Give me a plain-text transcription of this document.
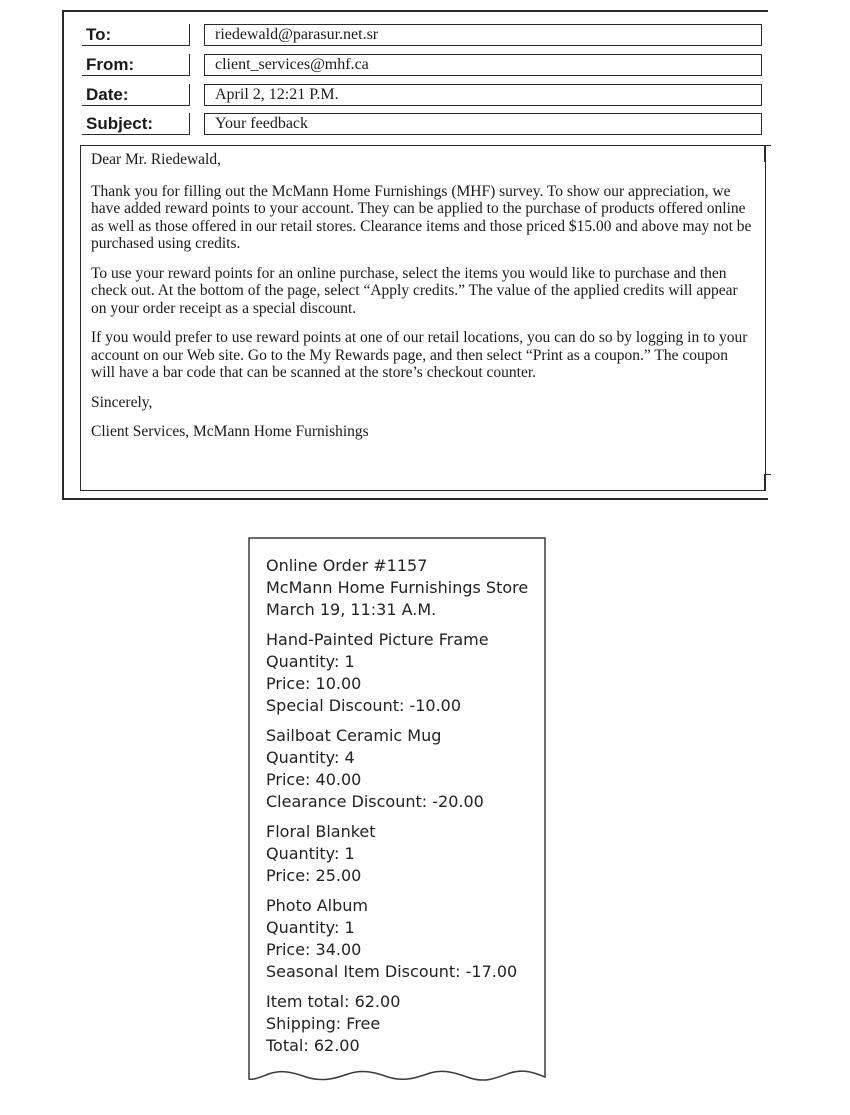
To:	riedewald@parasur.net.sr
From:	client_services@mhf.ca
Date:	April 2, 12:21 P.M.
Subject:	Your feedback

Dear Mr. Riedewald,

Thank you for filling out the McMann Home Furnishings (MHF) survey. To show our appreciation, we have added reward points to your account. They can be applied to the purchase of products offered online as well as those offered in our retail stores. Clearance items and those priced $15.00 and above may not be purchased using credits.

To use your reward points for an online purchase, select the items you would like to purchase and then check out. At the bottom of the page, select “Apply credits.” The value of the applied credits will appear on your order receipt as a special discount.

If you would prefer to use reward points at one of our retail locations, you can do so by logging in to your account on our Web site. Go to the My Rewards page, and then select “Print as a coupon.” The coupon will have a bar code that can be scanned at the store’s checkout counter.

Sincerely,

Client Services, McMann Home Furnishings

Online Order #1157
McMann Home Furnishings Store
March 19, 11:31 A.M.
Hand-Painted Picture Frame
Quantity: 1
Price: 10.00
Special Discount: -10.00
Sailboat Ceramic Mug
Quantity: 4
Price: 40.00
Clearance Discount: -20.00
Floral Blanket
Quantity: 1
Price: 25.00
Photo Album
Quantity: 1
Price: 34.00
Seasonal Item Discount: -17.00
Item total: 62.00
Shipping: Free
Total: 62.00
